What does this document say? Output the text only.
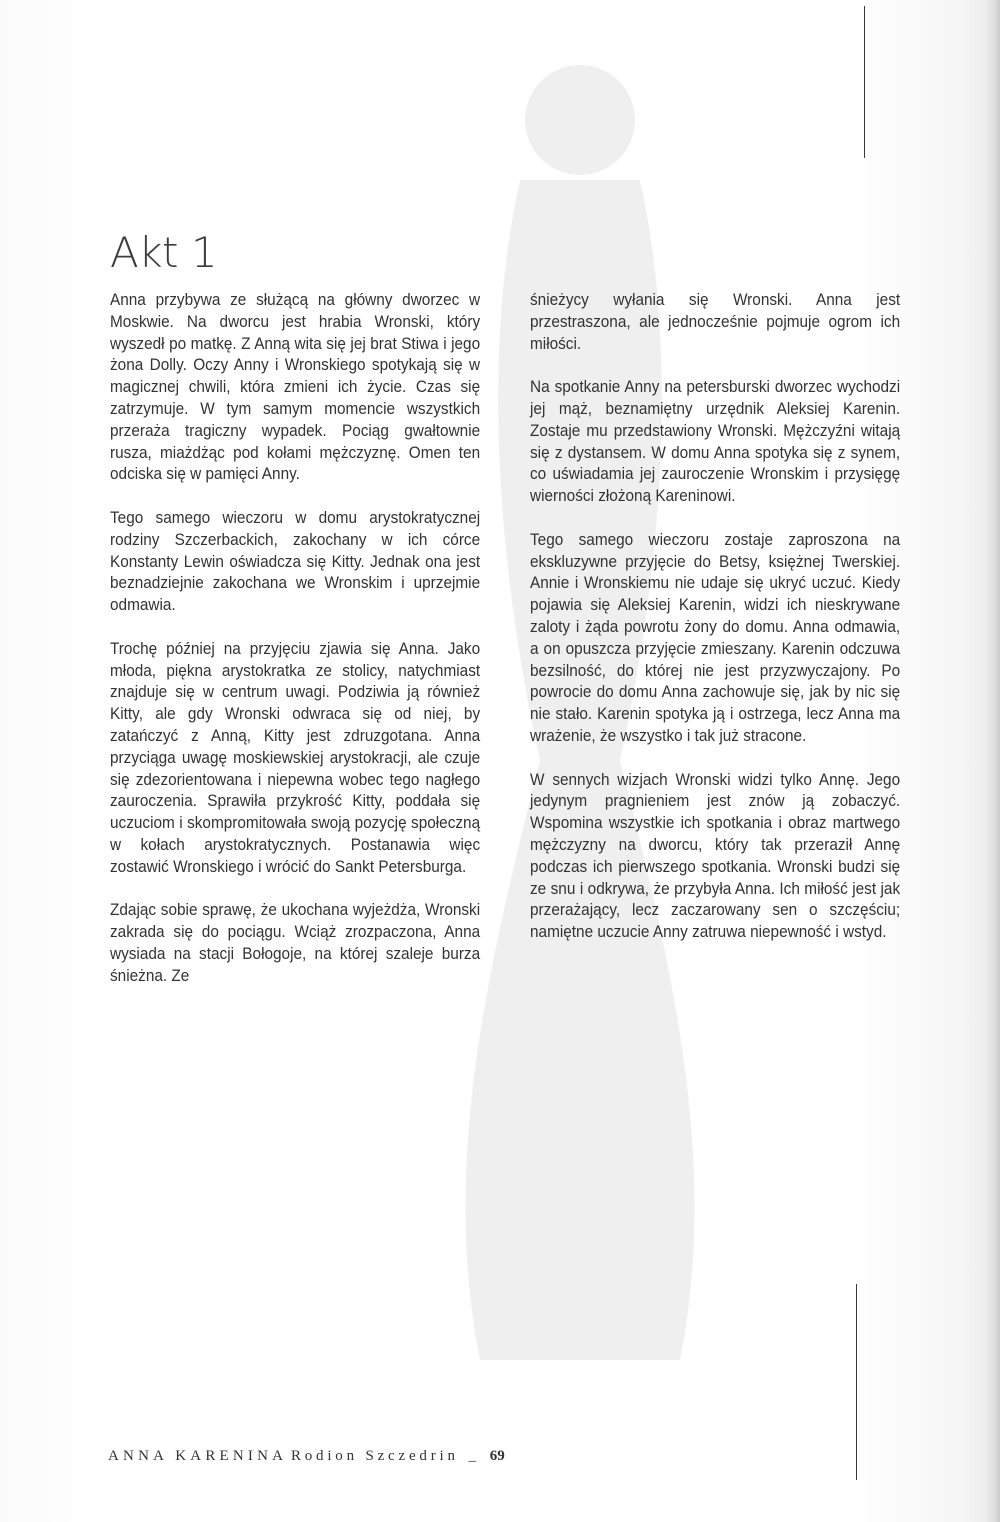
Akt 1

Anna przybywa ze służącą na główny dworzec w Moskwie. Na dworcu jest hrabia Wronski, który wyszedł po matkę. Z Anną wita się jej brat Stiwa i jego żona Dolly. Oczy Anny i Wronskiego spotykają się w magicznej chwili, która zmieni ich życie. Czas się zatrzymuje. W tym samym momencie wszystkich przeraża tragiczny wypadek. Pociąg gwałtownie rusza, miażdżąc pod kołami mężczyznę. Omen ten odciska się w pamięci Anny.

Tego samego wieczoru w domu arystokratycznej rodziny Szczerbackich, zakochany w ich córce Konstanty Lewin oświadcza się Kitty. Jednak ona jest beznadziejnie zakochana we Wronskim i uprzejmie odmawia.

Trochę później na przyjęciu zjawia się Anna. Jako młoda, piękna arystokratka ze stolicy, natychmiast znajduje się w centrum uwagi. Podziwia ją również Kitty, ale gdy Wronski odwraca się od niej, by zatańczyć z Anną, Kitty jest zdruzgotana. Anna przyciąga uwagę moskiewskiej arystokracji, ale czuje się zdezorientowana i niepewna wobec tego nagłego zauroczenia. Sprawiła przykrość Kitty, poddała się uczuciom i skompromitowała swoją pozycję społeczną w kołach arystokratycznych. Postanawia więc zostawić Wronskiego i wrócić do Sankt Petersburga.

Zdając sobie sprawę, że ukochana wyjeżdża, Wronski zakrada się do pociągu. Wciąż zrozpaczona, Anna wysiada na stacji Bołogoje, na której szaleje burza śnieżna. Ze

śnieżycy wyłania się Wronski. Anna jest przestraszona, ale jednocześnie pojmuje ogrom ich miłości.

Na spotkanie Anny na petersburski dworzec wychodzi jej mąż, beznamiętny urzędnik Aleksiej Karenin. Zostaje mu przedstawiony Wronski. Mężczyźni witają się z dystansem. W domu Anna spotyka się z synem, co uświadamia jej zauroczenie Wronskim i przysięgę wierności złożoną Kareninowi.

Tego samego wieczoru zostaje zaproszona na ekskluzywne przyjęcie do Betsy, księżnej Twerskiej. Annie i Wronskiemu nie udaje się ukryć uczuć. Kiedy pojawia się Aleksiej Karenin, widzi ich nieskrywane zaloty i żąda powrotu żony do domu. Anna odmawia, a on opuszcza przyjęcie zmieszany. Karenin odczuwa bezsilność, do której nie jest przyzwyczajony. Po powrocie do domu Anna zachowuje się, jak by nic się nie stało. Karenin spotyka ją i ostrzega, lecz Anna ma wrażenie, że wszystko i tak już stracone.

W sennych wizjach Wronski widzi tylko Annę. Jego jedynym pragnieniem jest znów ją zobaczyć. Wspomina wszystkie ich spotkania i obraz martwego mężczyzny na dworcu, który tak przeraził Annę podczas ich pierwszego spotkania. Wronski budzi się ze snu i odkrywa, że przybyła Anna. Ich miłość jest jak przerażający, lecz zaczarowany sen o szczęściu; namiętne uczucie Anny zatruwa niepewność i wstyd.

ANNA KARENINA Rodion Szczedrin _ 69
